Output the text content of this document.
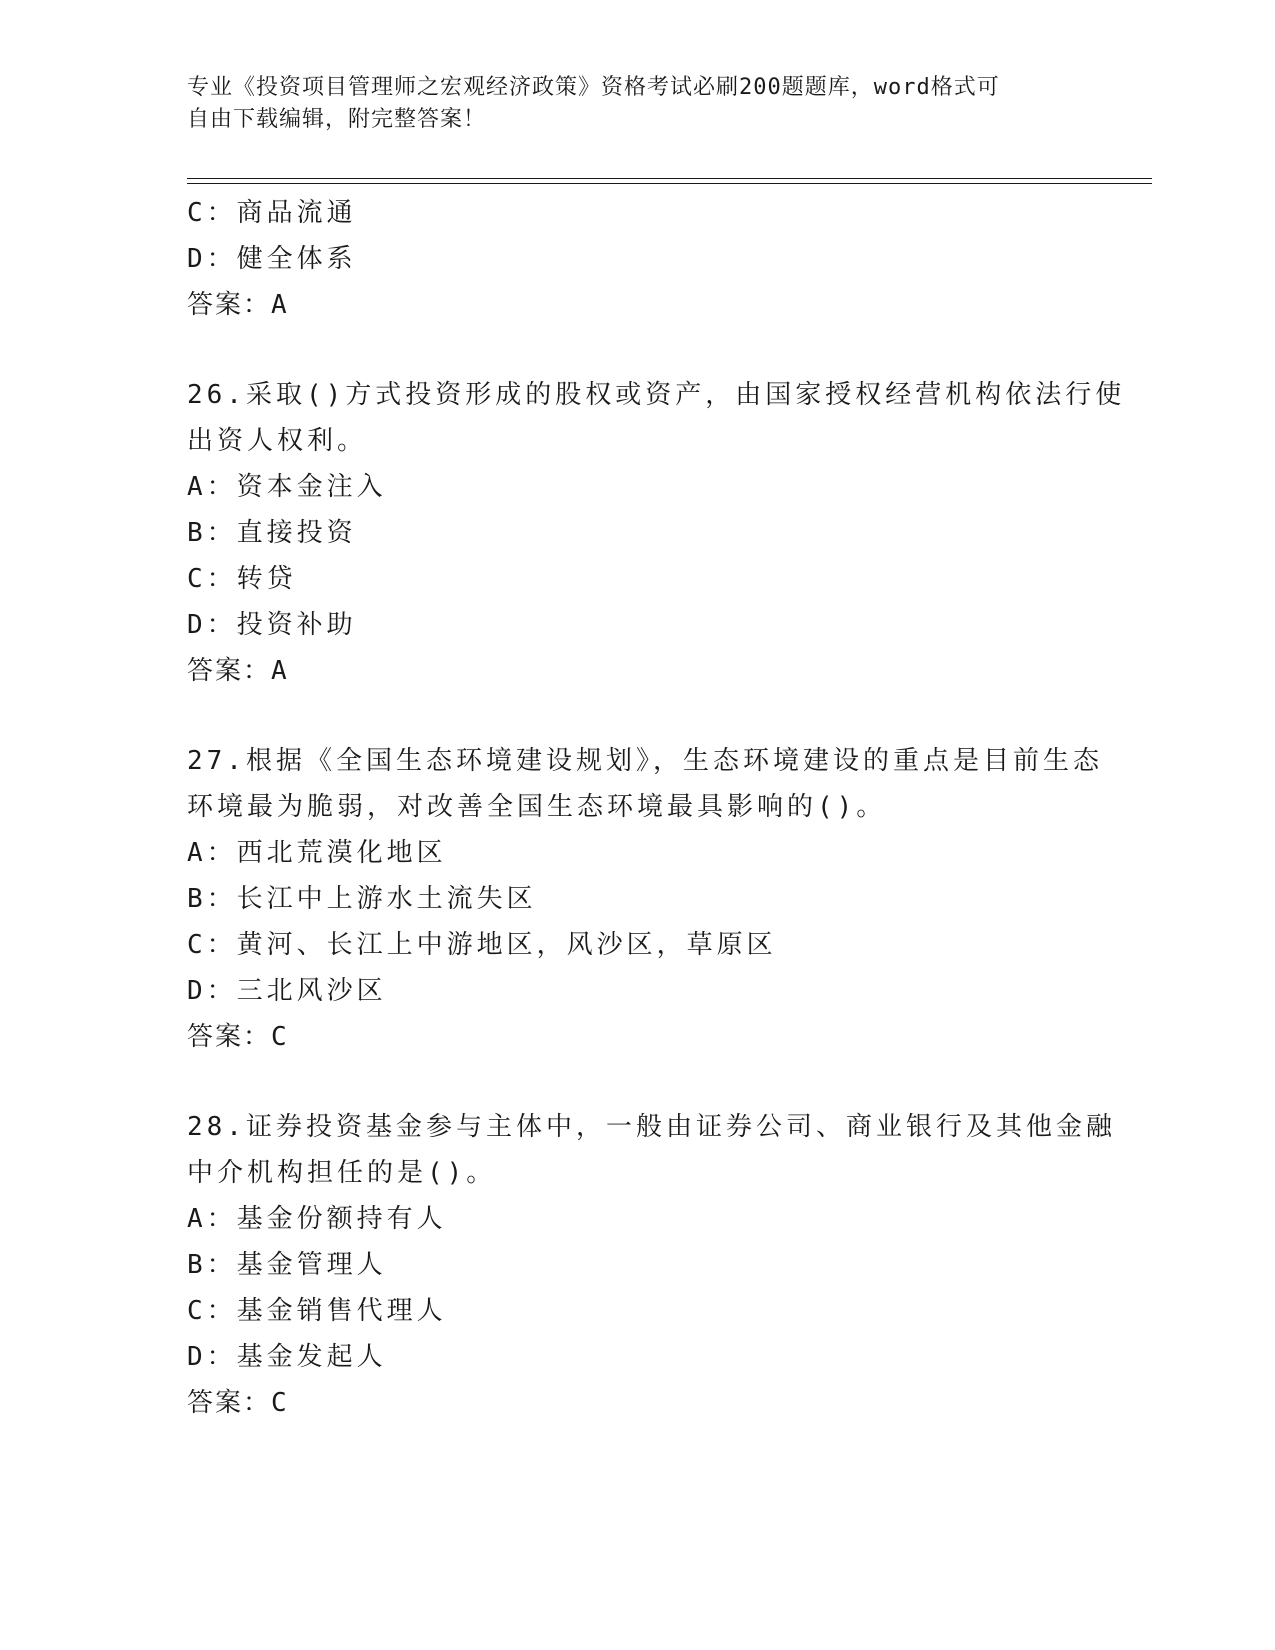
专业《投资项目管理师之宏观经济政策》资格考试必刷200题题库，word格式可
自由下载编辑，附完整答案！
C：商品流通
D：健全体系
答案：A
26.采取()方式投资形成的股权或资产，由国家授权经营机构依法行使
出资人权利。
A：资本金注入
B：直接投资
C：转贷
D：投资补助
答案：A
27.根据《全国生态环境建设规划》，生态环境建设的重点是目前生态
环境最为脆弱，对改善全国生态环境最具影响的()。
A：西北荒漠化地区
B：长江中上游水土流失区
C：黄河、长江上中游地区，风沙区，草原区
D：三北风沙区
答案：C
28.证券投资基金参与主体中，一般由证券公司、商业银行及其他金融
中介机构担任的是()。
A：基金份额持有人
B：基金管理人
C：基金销售代理人
D：基金发起人
答案：C
